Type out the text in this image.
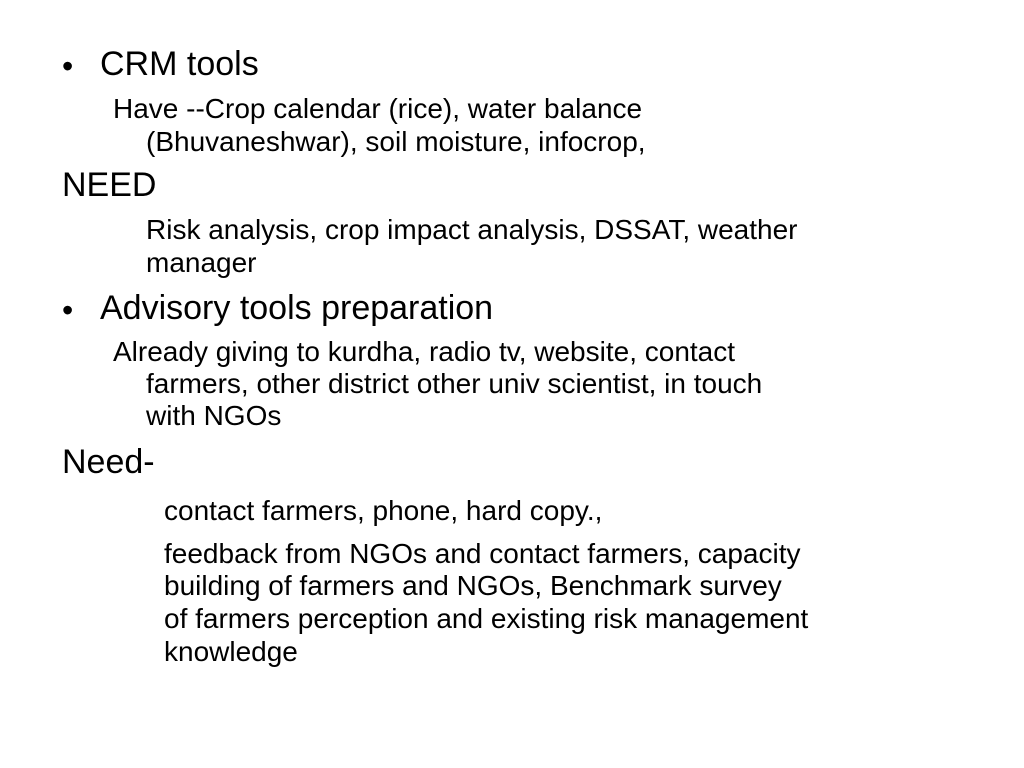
• CRM tools

Have --Crop calendar (rice), water balance

(Bhuvaneshwar), soil moisture, infocrop,

NEED

Risk analysis, crop impact analysis, DSSAT, weather

manager

• Advisory tools preparation

Already giving to kurdha, radio tv, website, contact

farmers, other district other univ scientist, in touch

with NGOs

Need-

contact farmers, phone, hard copy.,

feedback from NGOs and contact farmers, capacity

building of farmers and NGOs, Benchmark survey

of farmers perception and existing risk management

knowledge
